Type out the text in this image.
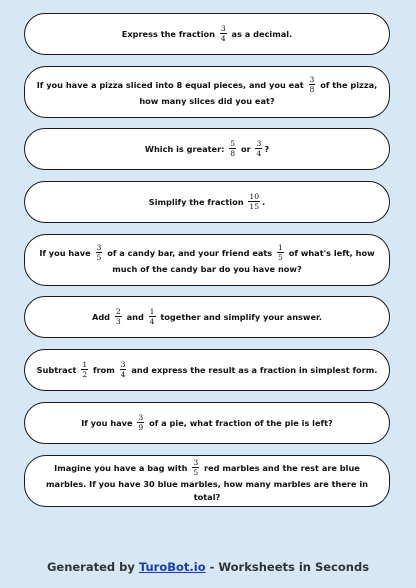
Express the fraction $\frac{3}{4}$ as a decimal.
If you have a pizza sliced into 8 equal pieces, and you eat $\frac{3}{8}$ of the pizza, how many slices did you eat?
Which is greater: $\frac{5}{8}$ or $\frac{3}{4}$ ?
Simplify the fraction $\frac{10}{15}$ .
If you have $\frac{3}{5}$ of a candy bar, and your friend eats $\frac{1}{5}$ of what's left, how much of the candy bar do you have now?
Add $\frac{2}{3}$ and $\frac{1}{4}$ together and simplify your answer.
Subtract $\frac{1}{2}$ from $\frac{3}{4}$ and express the result as a fraction in simplest form.
If you have $\frac{3}{9}$ of a pie, what fraction of the pie is left?
Imagine you have a bag with $\frac{3}{5}$ red marbles and the rest are blue marbles. If you have 30 blue marbles, how many marbles are there in total?
Generated by TuroBot.io - Worksheets in Seconds
